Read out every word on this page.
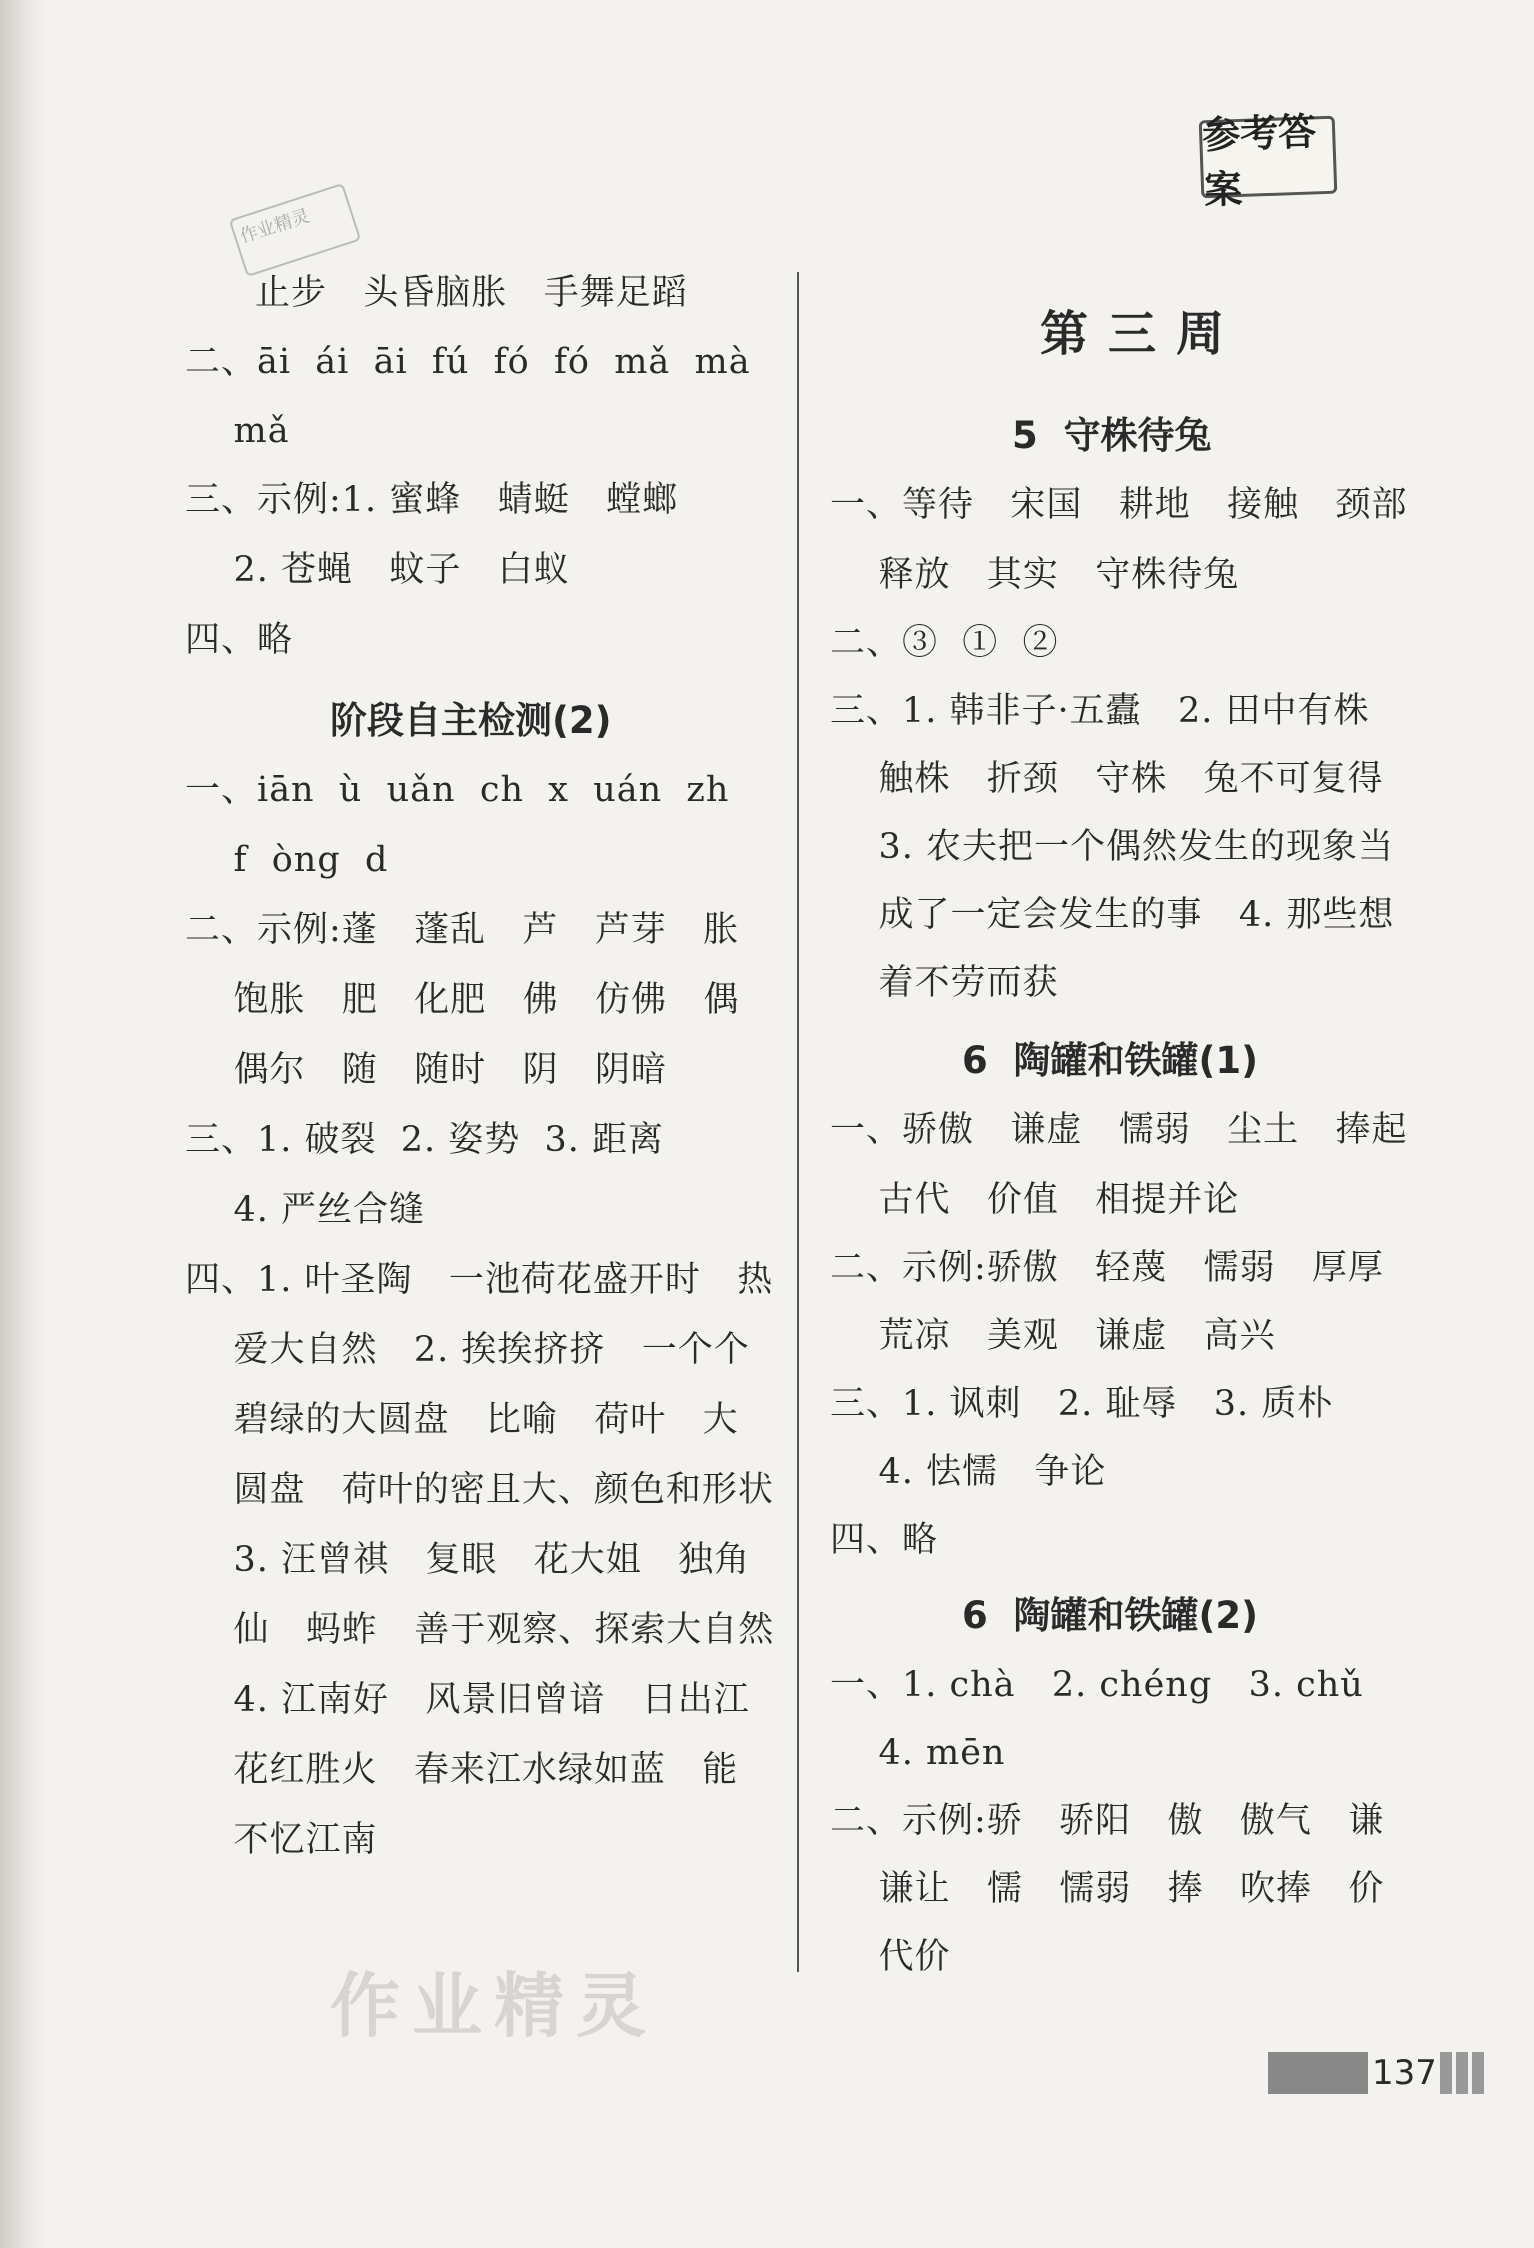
参考答案
作业精灵
止步   头昏脑胀   手舞足蹈
二、āi  ái  āi  fú  fó  fó  mǎ  mà
mǎ
三、示例:1. 蜜蜂   蜻蜓   螳螂
2. 苍蝇   蚊子   白蚁
四、略
阶段自主检测(2)
一、iān  ù  uǎn  ch  x  uán  zh
f  òng  d
二、示例:蓬   蓬乱   芦   芦芽   胀
饱胀   肥   化肥   佛   仿佛   偶
偶尔   随   随时   阴   阴暗
三、1. 破裂  2. 姿势  3. 距离
4. 严丝合缝
四、1. 叶圣陶   一池荷花盛开时   热
爱大自然   2. 挨挨挤挤   一个个
碧绿的大圆盘   比喻   荷叶   大
圆盘   荷叶的密且大、颜色和形状
3. 汪曾祺   复眼   花大姐   独角
仙   蚂蚱   善于观察、探索大自然
4. 江南好   风景旧曾谙   日出江
花红胜火   春来江水绿如蓝   能
不忆江南
第三周
5  守株待兔
一、等待   宋国   耕地   接触   颈部
释放   其实   守株待兔
二、③  ①  ②
三、1. 韩非子·五蠹   2. 田中有株
触株   折颈   守株   兔不可复得
3. 农夫把一个偶然发生的现象当
成了一定会发生的事   4. 那些想
着不劳而获
6  陶罐和铁罐(1)
一、骄傲   谦虚   懦弱   尘土   捧起
古代   价值   相提并论
二、示例:骄傲   轻蔑   懦弱   厚厚
荒凉   美观   谦虚   高兴
三、1. 讽刺   2. 耻辱   3. 质朴
4. 怯懦   争论
四、略
6  陶罐和铁罐(2)
一、1. chà   2. chéng   3. chǔ
4. mēn
二、示例:骄   骄阳   傲   傲气   谦
谦让   懦   懦弱   捧   吹捧   价
代价
作业精灵
137
